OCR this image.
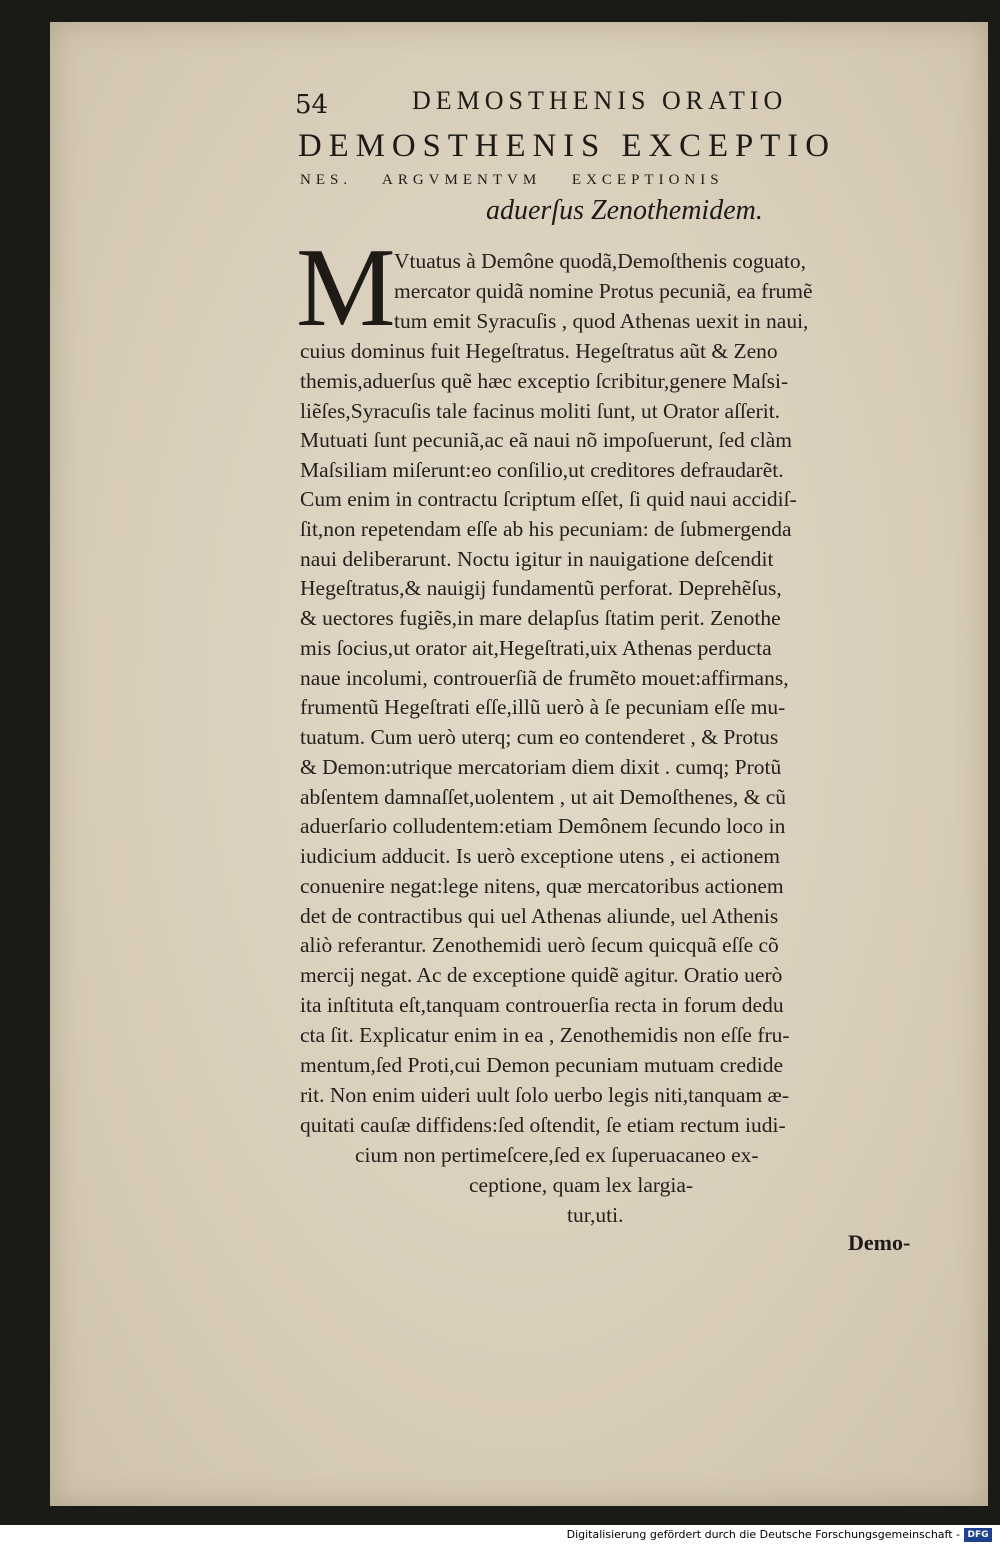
54	DEMOSTHENIS ORATIO
DEMOSTHENIS EXCEPTIO
NES. ARGVMENTVM EXCEPTIONIS
aduerſus Zenothemidem.
M
Vtuatus à Demône quodã,Demoſthenis coguato,
mercator quidã nomine Protus pecuniã, ea frumẽ
tum emit Syracuſis , quod Athenas uexit in naui,
cuius dominus fuit Hegeſtratus. Hegeſtratus aũt & Zeno
themis,aduerſus quẽ hæc exceptio ſcribitur,genere Maſsi-
liẽſes,Syracuſis tale facinus moliti ſunt, ut Orator aſſerit.
Mutuati ſunt pecuniã,ac eã naui nõ impoſuerunt, ſed clàm
Maſsiliam miſerunt:eo conſilio,ut creditores defraudarẽt.
Cum enim in contractu ſcriptum eſſet, ſi quid naui accidiſ-
ſit,non repetendam eſſe ab his pecuniam: de ſubmergenda
naui deliberarunt. Noctu igitur in nauigatione deſcendit
Hegeſtratus,& nauigij fundamentũ perforat. Deprehẽſus,
& uectores fugiẽs,in mare delapſus ſtatim perit. Zenothe
mis ſocius,ut orator ait,Hegeſtrati,uix Athenas perducta
naue incolumi, controuerſiã de frumẽto mouet:affirmans,
frumentũ Hegeſtrati eſſe,illũ uerò à ſe pecuniam eſſe mu-
tuatum. Cum uerò uterq; cum eo contenderet , & Protus
& Demon:utrique mercatoriam diem dixit . cumq; Protũ
abſentem damnaſſet,uolentem , ut ait Demoſthenes, & cũ
aduerſario colludentem:etiam Demônem ſecundo loco in
iudicium adducit. Is uerò exceptione utens , ei actionem
conuenire negat:lege nitens, quæ mercatoribus actionem
det de contractibus qui uel Athenas aliunde, uel Athenis
aliò referantur. Zenothemidi uerò ſecum quicquã eſſe cõ
mercij negat. Ac de exceptione quidẽ agitur. Oratio uerò
ita inſtituta eſt,tanquam controuerſia recta in forum dedu
cta ſit. Explicatur enim in ea , Zenothemidis non eſſe fru-
mentum,ſed Proti,cui Demon pecuniam mutuam credide
rit. Non enim uideri uult ſolo uerbo legis niti,tanquam æ-
quitati cauſæ diffidens:ſed oſtendit, ſe etiam rectum iudi-
cium non pertimeſcere,ſed ex ſuperuacaneo ex-
ceptione, quam lex largia-
tur,uti.
Demo-
Digitalisierung gefördert durch die Deutsche Forschungsgemeinschaft - DFG
